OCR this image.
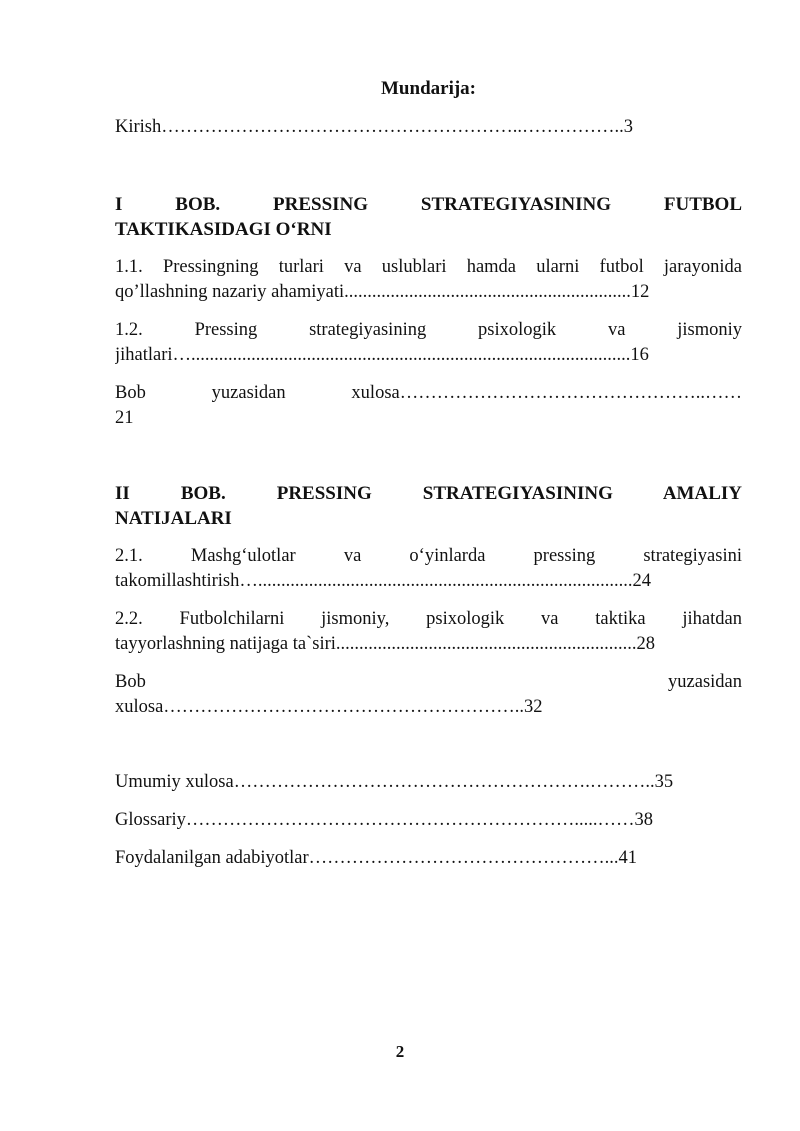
Mundarija:
Kirish…………………………………………………..……………..3
I BOB. PRESSING STRATEGIYASINING FUTBOL
TAKTIKASIDAGI O‘RNI
1.1. Pressingning turlari va uslublari hamda ularni futbol jarayonida
qo’llashning nazariy ahamiyati..............................................................12
1.2. Pressing strategiyasining psixologik va jismoniy
jihatlari…...............................................................................................16
Bob yuzasidan xulosa…………………………………………..……
21
II BOB. PRESSING STRATEGIYASINING AMALIY
NATIJALARI
2.1. Mashg‘ulotlar va o‘yinlarda pressing strategiyasini
takomillashtirish….................................................................................24
2.2. Futbolchilarni jismoniy, psixologik va taktika jihatdan
tayyorlashning natijaga ta`siri.................................................................28
Bob yuzasidan
xulosa…………………………………………………..32
Umumiy xulosa………………………………………………….………..35
Glossariy……………………………………………………….....……38
Foydalanilgan adabiyotlar…………………………………………...41
2
